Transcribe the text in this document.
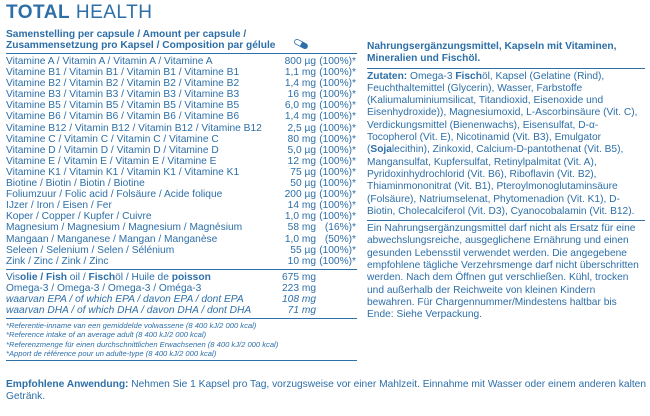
TOTAL HEALTH
Samenstelling per capsule / Amount per capsule /
Zusammensetzung pro Kapsel / Composition par gélule
Vitamine A / Vitamin A / Vitamin A / Vitamine A	800 µg (100%)*
Vitamine B1 / Vitamin B1 / Vitamin B1 / Vitamine B1	1,1 mg (100%)*
Vitamine B2 / Vitamin B2 / Vitamin B2 / Vitamine B2	1,4 mg (100%)*
Vitamine B3 / Vitamin B3 / Vitamin B3 / Vitamine B3	16 mg (100%)*
Vitamine B5 / Vitamin B5 / Vitamin B5 / Vitamine B5	6,0 mg (100%)*
Vitamine B6 / Vitamin B6 / Vitamin B6 / Vitamine B6	1,4 mg (100%)*
Vitamine B12 / Vitamin B12 / Vitamin B12 / Vitamine B12	2,5 µg (100%)*
Vitamine C / Vitamin C / Vitamin C / Vitamine C	80 mg (100%)*
Vitamine D / Vitamin D / Vitamin D / Vitamine D	5,0 µg (100%)*
Vitamine E / Vitamin E / Vitamin E / Vitamine E	12 mg (100%)*
Vitamine K1 / Vitamin K1 / Vitamin K1 / Vitamine K1	75 µg (100%)*
Biotine / Biotin / Biotin / Biotine	50 µg (100%)*
Foliumzuur / Folic acid / Folsäure / Acide folique	200 µg (100%)*
IJzer / Iron / Eisen / Fer	14 mg (100%)*
Koper / Copper / Kupfer / Cuivre	1,0 mg (100%)*
Magnesium / Magnesium / Magnesium / Magnésium	58 mg (16%)*
Mangaan / Manganese / Mangan / Manganèse	1,0 mg (50%)*
Seleen / Selenium / Selen / Sélénium	55 µg (100%)*
Zink / Zinc / Zink / Zinc	10 mg (100%)*
Visolie / Fish oil / Fischöl / Huile de poisson	675 mg
Omega-3 / Omega-3 / Omega-3 / Oméga-3	223 mg
waarvan EPA / of which EPA / davon EPA / dont EPA	108 mg
waarvan DHA / of which DHA / davon DHA / dont DHA	71 mg
*Referentie-inname van een gemiddelde volwassene (8 400 kJ/2 000 kcal)
*Reference intake of an average adult (8 400 kJ/2 000 kcal)
*Referenzmenge für einen durchschnittlichen Erwachsenen (8 400 kJ/2 000 kcal)
*Apport de référence pour un adulte-type (8 400 kJ/2 000 kcal)
Nahrungsergänzungsmittel, Kapseln mit Vitaminen, Mineralien und Fischöl.
Zutaten: Omega-3 Fischöl, Kapsel (Gelatine (Rind), Feuchthaltemittel (Glycerin), Wasser, Farbstoffe (Kaliumaluminiumsilicat, Titandioxid, Eisenoxide und Eisenhydroxide)), Magnesiumoxid, L-Ascorbinsäure (Vit. C), Verdickungsmittel (Bienenwachs), Eisensulfat, D-α-Tocopherol (Vit. E), Nicotinamid (Vit. B3), Emulgator (Sojalecithin), Zinkoxid, Calcium-D-pantothenat (Vit. B5), Mangansulfat, Kupfersulfat, Retinylpalmitat (Vit. A), Pyridoxinhydrochlorid (Vit. B6), Riboflavin (Vit. B2), Thiaminmononitrat (Vit. B1), Pteroylmonoglutaminsäure (Folsäure), Natriumselenat, Phytomenadion (Vit. K1), D-Biotin, Cholecalciferol (Vit. D3), Cyanocobalamin (Vit. B12).
Ein Nahrungsergänzungsmittel darf nicht als Ersatz für eine abwechslungsreiche, ausgeglichene Ernährung und einen gesunden Lebensstil verwendet werden. Die angegebene empfohlene tägliche Verzehrsmenge darf nicht überschritten werden. Nach dem Öffnen gut verschließen. Kühl, trocken und außerhalb der Reichweite von kleinen Kindern bewahren. Für Chargennummer/Mindestens haltbar bis Ende: Siehe Verpackung.
Empfohlene Anwendung: Nehmen Sie 1 Kapsel pro Tag, vorzugsweise vor einer Mahlzeit. Einnahme mit Wasser oder einem anderen kalten Getränk.
